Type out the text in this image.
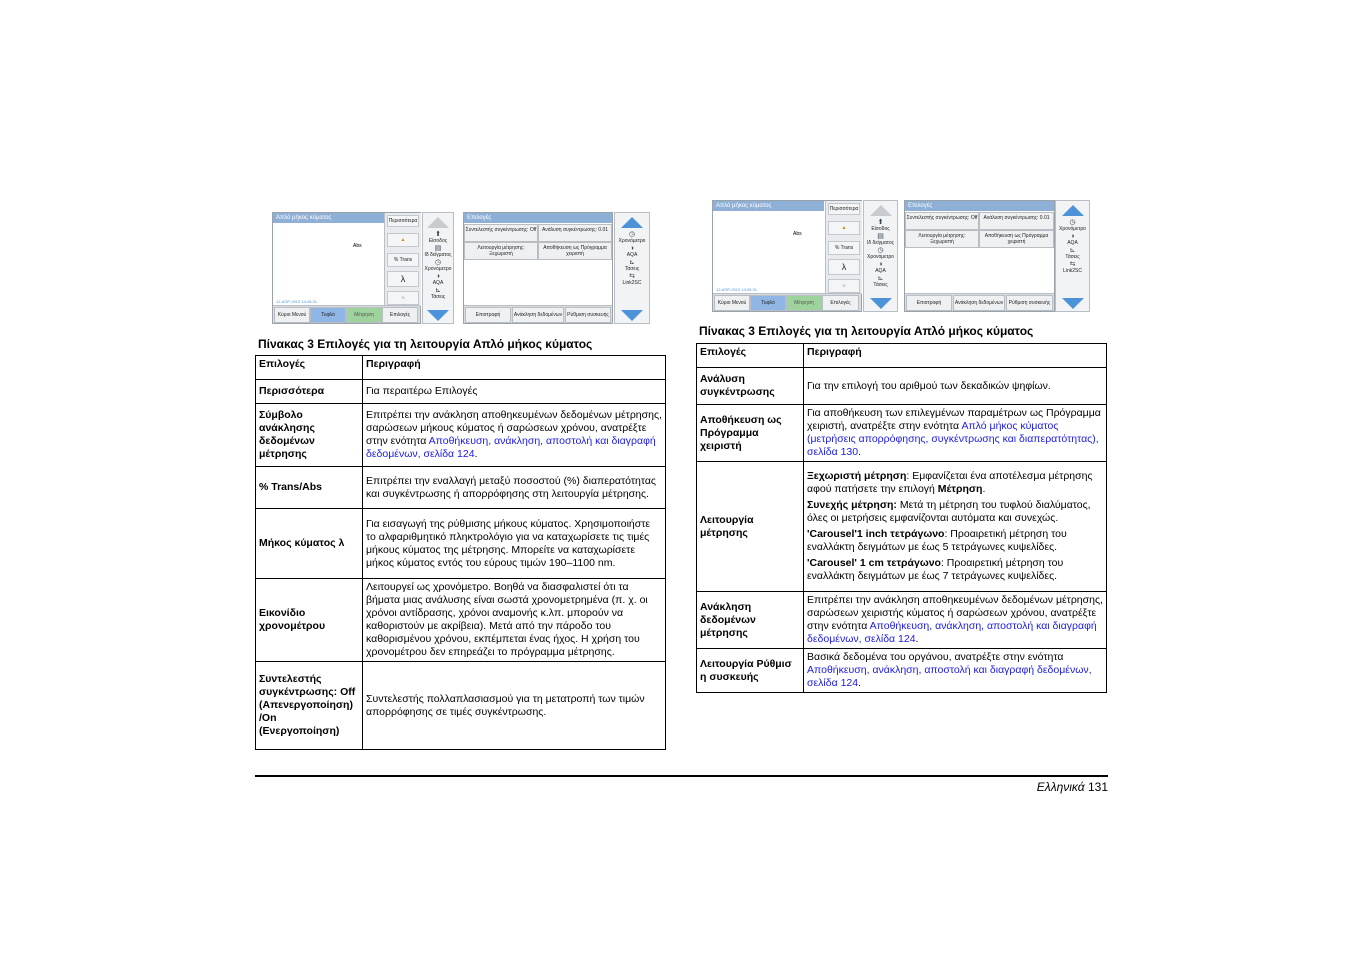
Απλό μήκος κύματος
Abs
12-ΑΠΡ-2012 14:26:31
Περισσότερα
▲
% Trans
λ
■
Κύριο Μενού	Τυφλό	Μέτρηση	Επιλογές
⬆
Είσοδος
▤
Ιδ δείγματος
◷
Χρονόμετρο
◑
AQA
⊾
Τάσεις
Επιλογές
Συντελεστής συγκέντρωσης: Off	Ανάλυση συγκέντρωσης: 0.01
Λειτουργία μέτρησης: Ξεχωριστή
Αποθήκευση ως Πρόγραμμα χειριστή
Επιστροφή	Ανάκληση δεδομένων	Ρύθμιση συσκευής
◷
Χρονόμετρο
◑
AQA
⊾
Τάσεις
⇆
Link2SC
Απλό μήκος κύματος
Abs
12-ΑΠΡ-2012 14:26:31
Περισσότερα
▲
% Trans
λ
■
Κύριο Μενού	Τυφλό	Μέτρηση	Επιλογές
⬆
Είσοδος
▤
Ιδ δείγματος
◷
Χρονόμετρο
◑
AQA
⊾
Τάσεις
Επιλογές
Συντελεστής συγκέντρωσης: Off	Ανάλυση συγκέντρωσης: 0.01
Λειτουργία μέτρησης: Ξεχωριστή
Αποθήκευση ως Πρόγραμμα χειριστή
Επιστροφή	Ανάκληση δεδομένων	Ρύθμιση συσκευής
◷
Χρονόμετρο
◑
AQA
⊾
Τάσεις
⇆
Link2SC
Πίνακας 3 Επιλογές για τη λειτουργία Απλό μήκος κύματος
Επιλογές	Περιγραφή
Περισσότερα	Για περαιτέρω Επιλογές
Σύμβολο ανάκλησης δεδομένων μέτρησης	Επιτρέπει την ανάκληση αποθηκευμένων δεδομένων μέτρησης, σαρώσεων μήκους κύματος ή σαρώσεων χρόνου, ανατρέξτε στην ενότητα Αποθήκευση, ανάκληση, αποστολή και διαγραφή δεδομένων, σελίδα 124.
% Trans/Abs	Επιτρέπει την εναλλαγή μεταξύ ποσοστού (%) διαπερατότητας και συγκέντρωσης ή απορρόφησης στη λειτουργία μέτρησης.
Μήκος κύματος λ	Για εισαγωγή της ρύθμισης μήκους κύματος. Χρησιμοποιήστε το αλφαριθμητικό πληκτρολόγιο για να καταχωρίσετε τις τιμές μήκους κύματος της μέτρησης. Μπορείτε να καταχωρίσετε μήκος κύματος εντός του εύρους τιμών 190–1100 nm.
Εικονίδιο χρονομέτρου	Λειτουργεί ως χρονόμετρο. Βοηθά να διασφαλιστεί ότι τα βήματα μιας ανάλυσης είναι σωστά χρονομετρημένα (π. χ. οι χρόνοι αντίδρασης, χρόνοι αναμονής κ.λπ. μπορούν να καθοριστούν με ακρίβεια). Μετά από την πάροδο του καθορισμένου χρόνου, εκπέμπεται ένας ήχος. Η χρήση του χρονομέτρου δεν επηρεάζει το πρόγραμμα μέτρησης.
Συντελεστής συγκέντρωσης: Off (Απενεργοποίηση) /On (Ενεργοποίηση)	Συντελεστής πολλαπλασιασμού για τη μετατροπή των τιμών απορρόφησης σε τιμές συγκέντρωσης.
Πίνακας 3 Επιλογές για τη λειτουργία Απλό μήκος κύματος
Επιλογές	Περιγραφή
Ανάλυση συγκέντρωσης	Για την επιλογή του αριθμού των δεκαδικών ψηφίων.
Αποθήκευση ως Πρόγραμμα χειριστή	Για αποθήκευση των επιλεγμένων παραμέτρων ως Πρόγραμμα χειριστή, ανατρέξτε στην ενότητα Απλό μήκος κύματος (μετρήσεις απορρόφησης, συγκέντρωσης και διαπερατότητας), σελίδα 130.
Λειτουργία μέτρησης	Ξεχωριστή μέτρηση: Εμφανίζεται ένα αποτέλεσμα μέτρησης αφού πατήσετε την επιλογή Μέτρηση.
Συνεχής μέτρηση: Μετά τη μέτρηση του τυφλού διαλύματος, όλες οι μετρήσεις εμφανίζονται αυτόματα και συνεχώς.
'Carousel'1 inch τετράγωνο: Προαιρετική μέτρηση του εναλλάκτη δειγμάτων με έως 5 τετράγωνες κυψελίδες.
'Carousel' 1 cm τετράγωνο: Προαιρετική μέτρηση του εναλλάκτη δειγμάτων με έως 7 τετράγωνες κυψελίδες.

Ανάκληση δεδομένων μέτρησης	Επιτρέπει την ανάκληση αποθηκευμένων δεδομένων μέτρησης, σαρώσεων χειριστής κύματος ή σαρώσεων χρόνου, ανατρέξτε στην ενότητα Αποθήκευση, ανάκληση, αποστολή και διαγραφή δεδομένων, σελίδα 124.
Λειτουργία Ρύθμισ η συσκευής	Βασικά δεδομένα του οργάνου, ανατρέξτε στην ενότητα Αποθήκευση, ανάκληση, αποστολή και διαγραφή δεδομένων, σελίδα 124.
Ελληνικά 131
